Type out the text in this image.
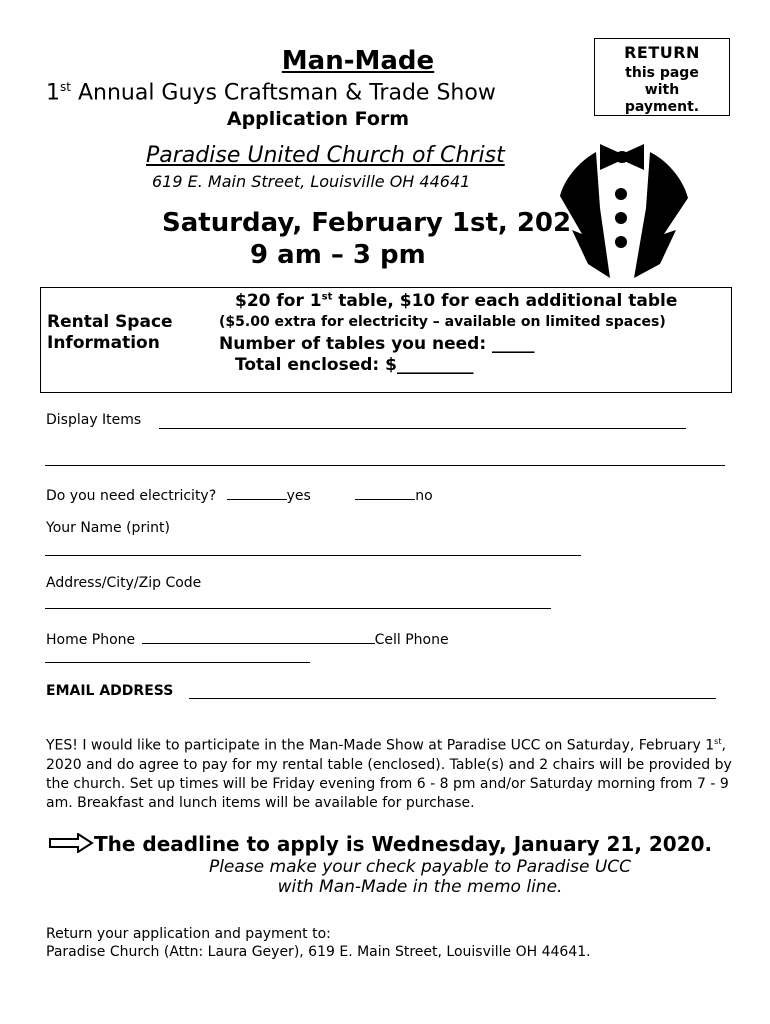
Man-Made
1st Annual Guys Craftsman & Trade Show
Application Form
RETURN
this page
with
payment.
Paradise United Church of Christ
619 E. Main Street, Louisville OH 44641
Saturday, February 1st, 202
9 am – 3 pm
Rental Space
Information
$20 for 1st table, $10 for each additional table
($5.00 extra for electricity – available on limited spaces)
Number of tables you need: _____
Total enclosed: $_________
Display Items
Do you need electricity?	yes	no
Your Name (print)
Address/City/Zip Code
Home Phone	Cell Phone
EMAIL ADDRESS
YES! I would like to participate in the Man-Made Show at Paradise UCC on Saturday, February 1st, 2020 and do agree to pay for my rental table (enclosed). Table(s) and 2 chairs will be provided by the church. Set up times will be Friday evening from 6 - 8 pm and/or Saturday morning from 7 - 9 am. Breakfast and lunch items will be available for purchase.
The deadline to apply is Wednesday, January 21, 2020.
Please make your check payable to Paradise UCC
with Man-Made in the memo line.
Return your application and payment to:
Paradise Church (Attn: Laura Geyer), 619 E. Main Street, Louisville OH 44641.
